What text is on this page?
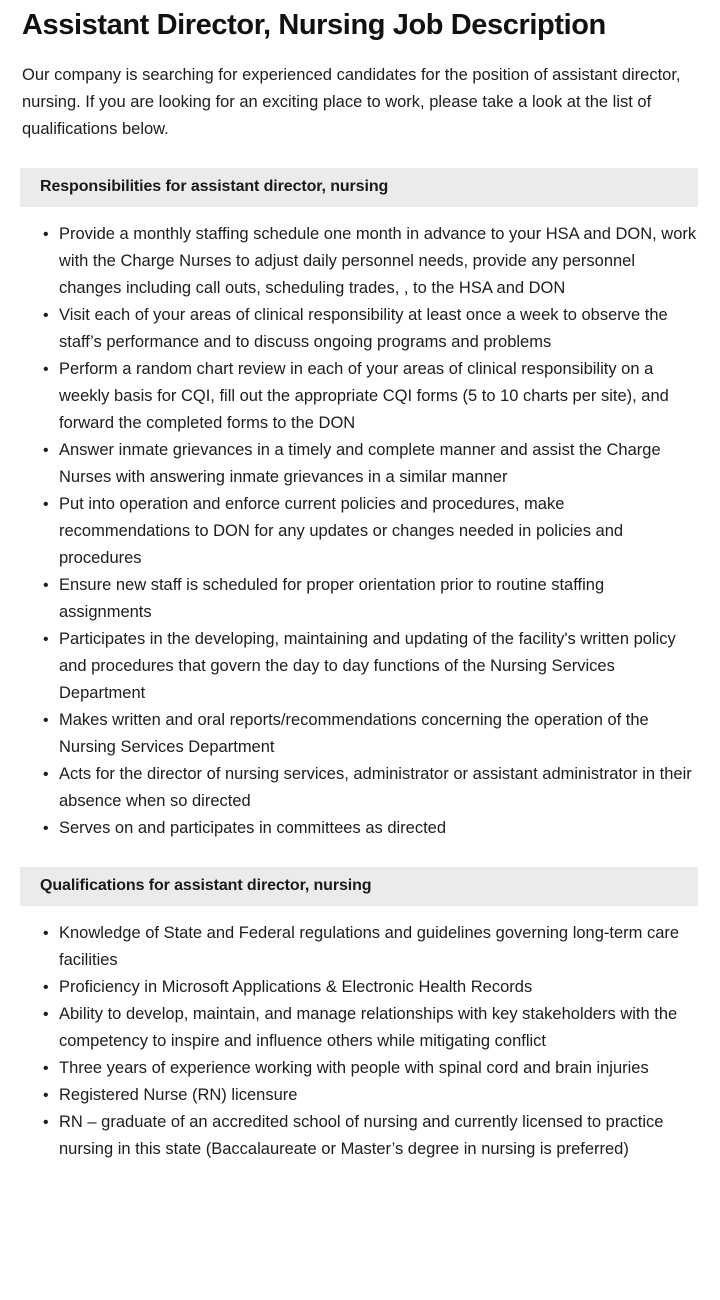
Assistant Director, Nursing Job Description

Our company is searching for experienced candidates for the position of assistant director, nursing. If you are looking for an exciting place to work, please take a look at the list of qualifications below.

Responsibilities for assistant director, nursing
• Provide a monthly staffing schedule one month in advance to your HSA and DON, work with the Charge Nurses to adjust daily personnel needs, provide any personnel changes including call outs, scheduling trades, , to the HSA and DON
• Visit each of your areas of clinical responsibility at least once a week to observe the staff’s performance and to discuss ongoing programs and problems
• Perform a random chart review in each of your areas of clinical responsibility on a weekly basis for CQI, fill out the appropriate CQI forms (5 to 10 charts per site), and forward the completed forms to the DON
• Answer inmate grievances in a timely and complete manner and assist the Charge Nurses with answering inmate grievances in a similar manner
• Put into operation and enforce current policies and procedures, make recommendations to DON for any updates or changes needed in policies and procedures
• Ensure new staff is scheduled for proper orientation prior to routine staffing assignments
• Participates in the developing, maintaining and updating of the facility's written policy and procedures that govern the day to day functions of the Nursing Services Department
• Makes written and oral reports/recommendations concerning the operation of the Nursing Services Department
• Acts for the director of nursing services, administrator or assistant administrator in their absence when so directed
• Serves on and participates in committees as directed
Qualifications for assistant director, nursing
• Knowledge of State and Federal regulations and guidelines governing long-term care facilities
• Proficiency in Microsoft Applications & Electronic Health Records
• Ability to develop, maintain, and manage relationships with key stakeholders with the competency to inspire and influence others while mitigating conflict
• Three years of experience working with people with spinal cord and brain injuries
• Registered Nurse (RN) licensure
• RN – graduate of an accredited school of nursing and currently licensed to practice nursing in this state (Baccalaureate or Master’s degree in nursing is preferred)
